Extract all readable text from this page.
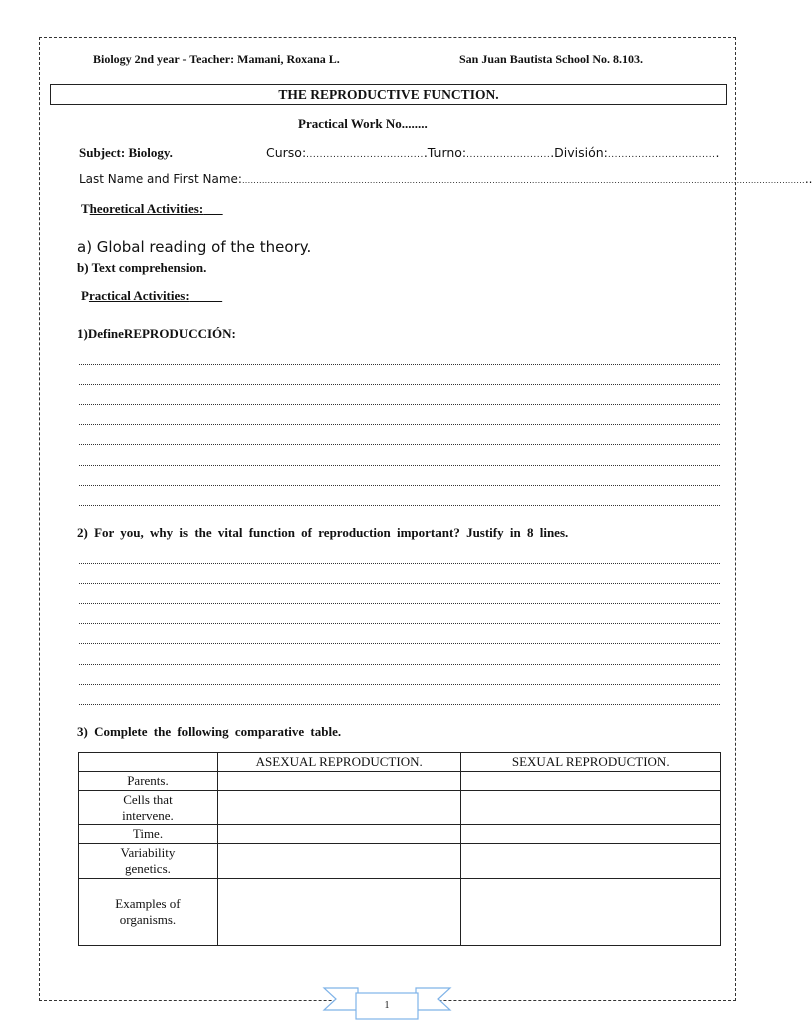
Biology 2nd year - Teacher: Mamani, Roxana L.	San Juan Bautista School No. 8.103.
THE REPRODUCTIVE FUNCTION.
Practical Work No........
Subject: Biology.	Curso:....................................Turno:..........................División:.................................
Last Name and First Name:........................................................................................................................................................................................................
Theoretical Activities:
a) Global reading of the theory.
b) Text comprehension.
Practical Activities:
1)DefineREPRODUCCIÓN:
2) For you, why is the vital function of reproduction important? Justify in 8 lines.
3) Complete the following comparative table.
	ASEXUAL REPRODUCTION.	SEXUAL REPRODUCTION.
Parents.		
Cells that intervene.		
Time.		
Variability genetics.		
Examples of organisms.		
1
